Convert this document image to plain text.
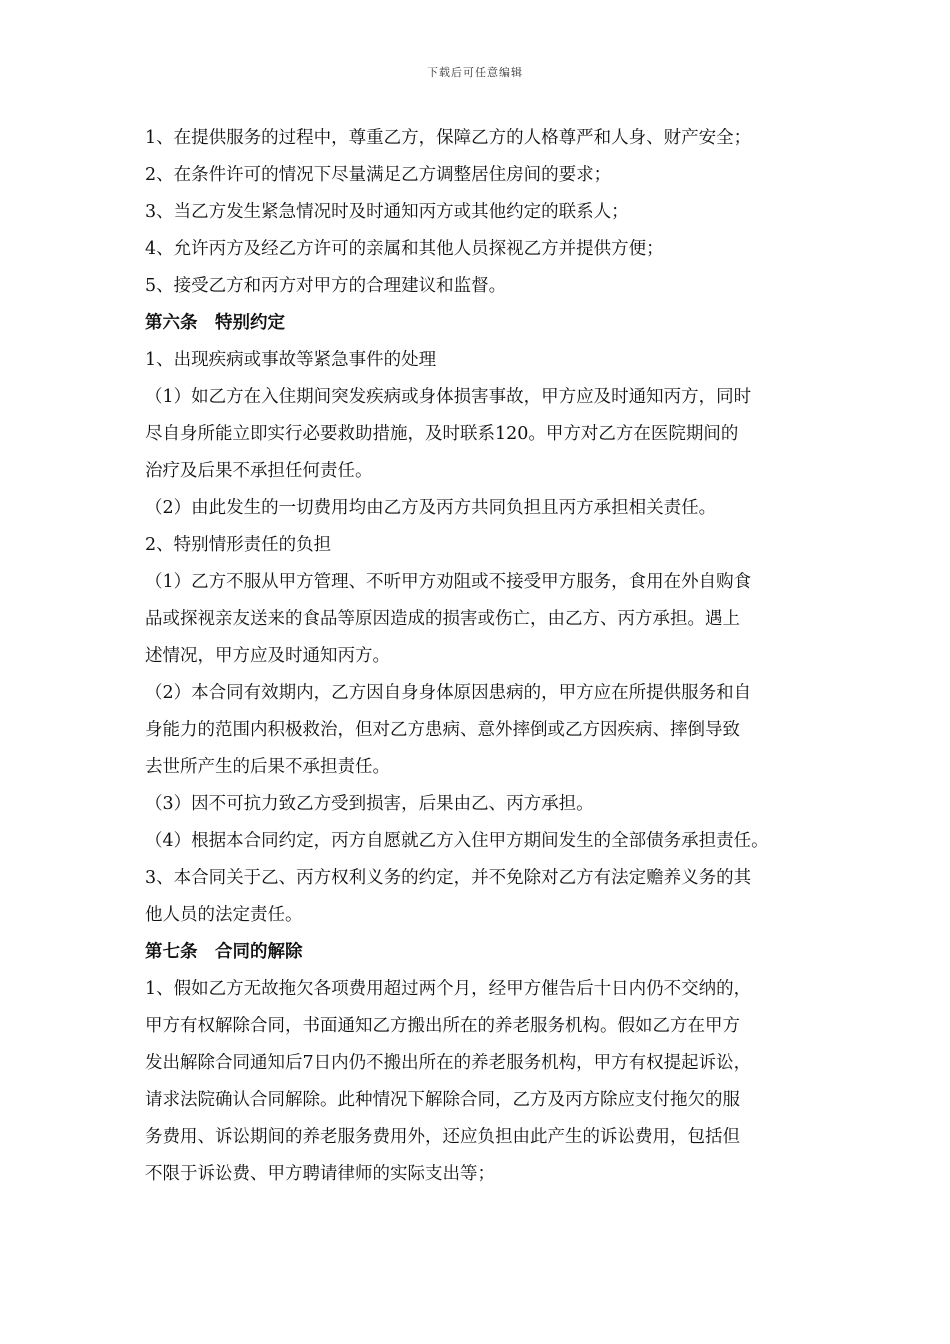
下载后可任意编辑
1、在提供服务的过程中，尊重乙方，保障乙方的人格尊严和人身、财产安全；
2、在条件许可的情况下尽量满足乙方调整居住房间的要求；
3、当乙方发生紧急情况时及时通知丙方或其他约定的联系人；
4、允许丙方及经乙方许可的亲属和其他人员探视乙方并提供方便；
5、接受乙方和丙方对甲方的合理建议和监督。
第六条　特别约定
1、出现疾病或事故等紧急事件的处理
（1）如乙方在入住期间突发疾病或身体损害事故，甲方应及时通知丙方，同时
尽自身所能立即实行必要救助措施，及时联系120。甲方对乙方在医院期间的
治疗及后果不承担任何责任。
（2）由此发生的一切费用均由乙方及丙方共同负担且丙方承担相关责任。
2、特别情形责任的负担
（1）乙方不服从甲方管理、不听甲方劝阻或不接受甲方服务，食用在外自购食
品或探视亲友送来的食品等原因造成的损害或伤亡，由乙方、丙方承担。遇上
述情况，甲方应及时通知丙方。
（2）本合同有效期内，乙方因自身身体原因患病的，甲方应在所提供服务和自
身能力的范围内积极救治，但对乙方患病、意外摔倒或乙方因疾病、摔倒导致
去世所产生的后果不承担责任。
（3）因不可抗力致乙方受到损害，后果由乙、丙方承担。
（4）根据本合同约定，丙方自愿就乙方入住甲方期间发生的全部债务承担责任。
3、本合同关于乙、丙方权利义务的约定，并不免除对乙方有法定赡养义务的其
他人员的法定责任。
第七条　合同的解除
1、假如乙方无故拖欠各项费用超过两个月，经甲方催告后十日内仍不交纳的，
甲方有权解除合同，书面通知乙方搬出所在的养老服务机构。假如乙方在甲方
发出解除合同通知后7日内仍不搬出所在的养老服务机构，甲方有权提起诉讼，
请求法院确认合同解除。此种情况下解除合同，乙方及丙方除应支付拖欠的服
务费用、诉讼期间的养老服务费用外，还应负担由此产生的诉讼费用，包括但
不限于诉讼费、甲方聘请律师的实际支出等；
